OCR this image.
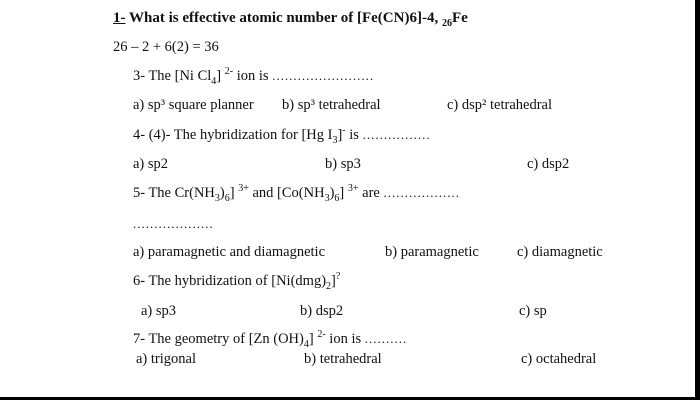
1- What is effective atomic number of [Fe(CN)6]-4, $_{26}$Fe
26 – 2 + 6(2) = 36
3- The [Ni $Cl_4$] $^{2-}$ ion is ........................
a) sp³ square planner b) sp³ tetrahedral	c) dsp² tetrahedral
4- (4)- The hybridization for [Hg $I_3]^-$ is ................
a) sp2	b) sp3	c) dsp2
5- The $Cr(NH_3)_6$] $^{3+}$ and $[Co(NH_3)_6]$ $^{3+}$ are ..................
...................
a) paramagnetic and diamagnetic	b) paramagnetic	c) diamagnetic
6- The hybridization of $[Ni(dmg)_2]^?$
a) sp3	b) dsp2	c) sp
7- The geometry of [Zn $(OH)_4$] $^{2-}$ ion is ..........
a) trigonal	b) tetrahedral	c) octahedral
